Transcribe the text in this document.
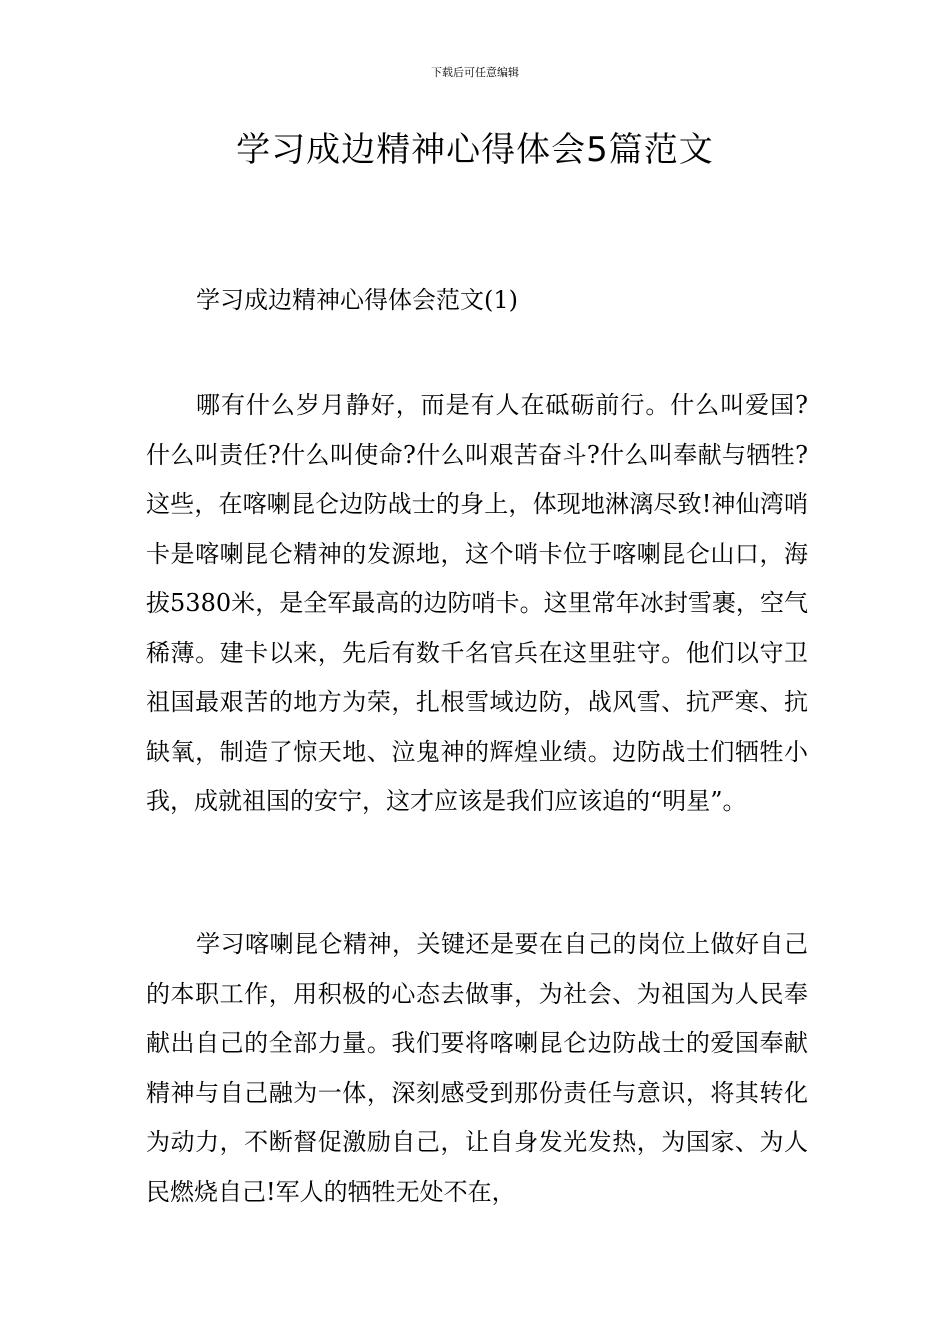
下载后可任意编辑
学习成边精神心得体会5篇范文
学习成边精神心得体会范文(1)

哪有什么岁月静好，而是有人在砥砺前行。什么叫爱国?什么叫责任?什么叫使命?什么叫艰苦奋斗?什么叫奉献与牺牲?这些，在喀喇昆仑边防战士的身上，体现地淋漓尽致!神仙湾哨卡是喀喇昆仑精神的发源地，这个哨卡位于喀喇昆仑山口，海拔5380米，是全军最高的边防哨卡。这里常年冰封雪裹，空气稀薄。建卡以来，先后有数千名官兵在这里驻守。他们以守卫祖国最艰苦的地方为荣，扎根雪域边防，战风雪、抗严寒、抗缺氧，制造了惊天地、泣鬼神的辉煌业绩。边防战士们牺牲小我，成就祖国的安宁，这才应该是我们应该追的“明星”。

学习喀喇昆仑精神，关键还是要在自己的岗位上做好自己的本职工作，用积极的心态去做事，为社会、为祖国为人民奉献出自己的全部力量。我们要将喀喇昆仑边防战士的爱国奉献精神与自己融为一体，深刻感受到那份责任与意识，将其转化为动力，不断督促激励自己，让自身发光发热，为国家、为人民燃烧自己!军人的牺牲无处不在，
